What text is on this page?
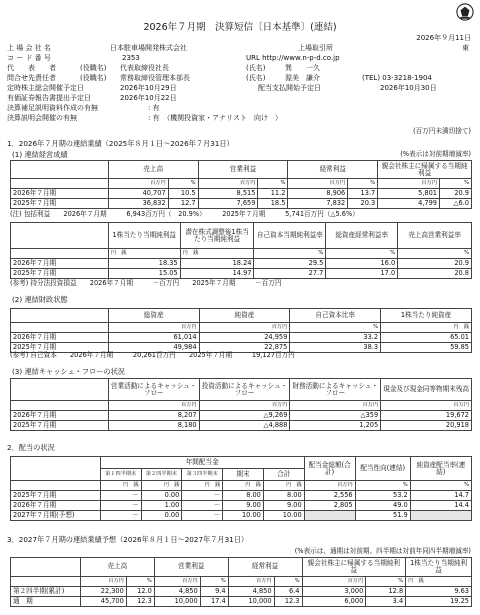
2026年７月期　決算短信〔日本基準〕(連結)
2026年９月11日
上 場 会 社 名	日本駐車場開発株式会社	上場取引所	東
コ ー ド 番 号	2353	URL http://www.n-p-d.co.jp
代　　表　　者	(役職名) 代表取締役社長	(氏名)	巽　　一久
問合せ先責任者	(役職名) 常務取締役管理本部長	(氏名)	渥美　謙介	(TEL) 03-3218-1904
定時株主総会開催予定日	2026年10月29日	配当支払開始予定日	2026年10月30日
有価証券報告書提出予定日	2026年10月22日
決算補足説明資料作成の有無	: 有
決算説明会開催の有無	: 有　（機関投資家・アナリスト　向け　）
(百万円未満切捨て)
1．2026年７月期の連結業績（2025年８月１日～2026年７月31日）
(1) 連結経営成績	(%表示は対前期増減率)
	売上高		営業利益		経常利益		親会社株主に帰属する当期純利益	
	百万円	%	百万円	%	百万円	%	百万円	%
2026年７月期	40,707	10.5	8,515	11.2	8,906	13.7	5,801	20.9
2025年７月期	36,832	12.7	7,659	18.5	7,832	20.3	4,799	△6.0
(注) 包括利益　　2026年７月期　　　6,943百万円（　20.9%）　　　2025年７月期　　　5,741百万円（△5.6%）
	1株当たり当期純利益	潜在株式調整後1株当たり当期純利益	自己資本当期純利益率	総資産経常利益率	売上高営業利益率
	円　銭	円　銭	%	%	%
2026年７月期	18.35	18.24	29.5	16.0	20.9
2025年７月期	15.05	14.97	27.7	17.0	20.8
(参考) 持分法投資損益　　2026年７月期　　　－百万円　　2025年７月期　　　－百万円
(2) 連結財政状態
	総資産	純資産	自己資本比率	1株当たり純資産
	百万円	百万円	%	円　銭
2026年７月期	61,014	24,959	33.2	65.01
2025年７月期	49,984	22,875	38.3	59.85
(参考) 自己資本　　2026年７月期　　　20,261百万円　　2025年７月期　　　19,127百万円
(3) 連結キャッシュ・フローの状況
	営業活動によるキャッシュ・フロー	投資活動によるキャッシュ・フロー	財務活動によるキャッシュ・フロー	現金及び現金同等物期末残高
	百万円	百万円	百万円	百万円
2026年７月期	8,207	△9,269	△359	19,672
2025年７月期	8,180	△4,888	1,205	20,918
2．配当の状況
	年間配当金					配当金総額(合計)	配当性向(連結)	純資産配当率(連結)
	第１四半期末	第２四半期末	第３四半期末	期末	合計			
	円　銭	円　銭	円　銭	円　銭	円　銭	百万円	%	%
2025年７月期	－	0.00	－	8.00	8.00	2,556	53.2	14.7
2026年７月期	－	1.00	－	9.00	9.00	2,805	49.0	14.4
2027年７月期(予想)	－	0.00	－	10.00	10.00		51.9	
3．2027年７月期の連結業績予想（2026年８月１日～2027年７月31日）
(%表示は、通期は対前期、四半期は対前年同四半期増減率)
	売上高		営業利益		経常利益		親会社株主に帰属する当期純利益		1株当たり当期純利益
	百万円	%	百万円	%	百万円	%	百万円	%	円　銭
第２四半期(累計)	22,300	12.0	4,850	9.4	4,850	6.4	3,000	12.8	9.63
通　期	45,700	12.3	10,000	17.4	10,000	12.3	6,000	3.4	19.25
